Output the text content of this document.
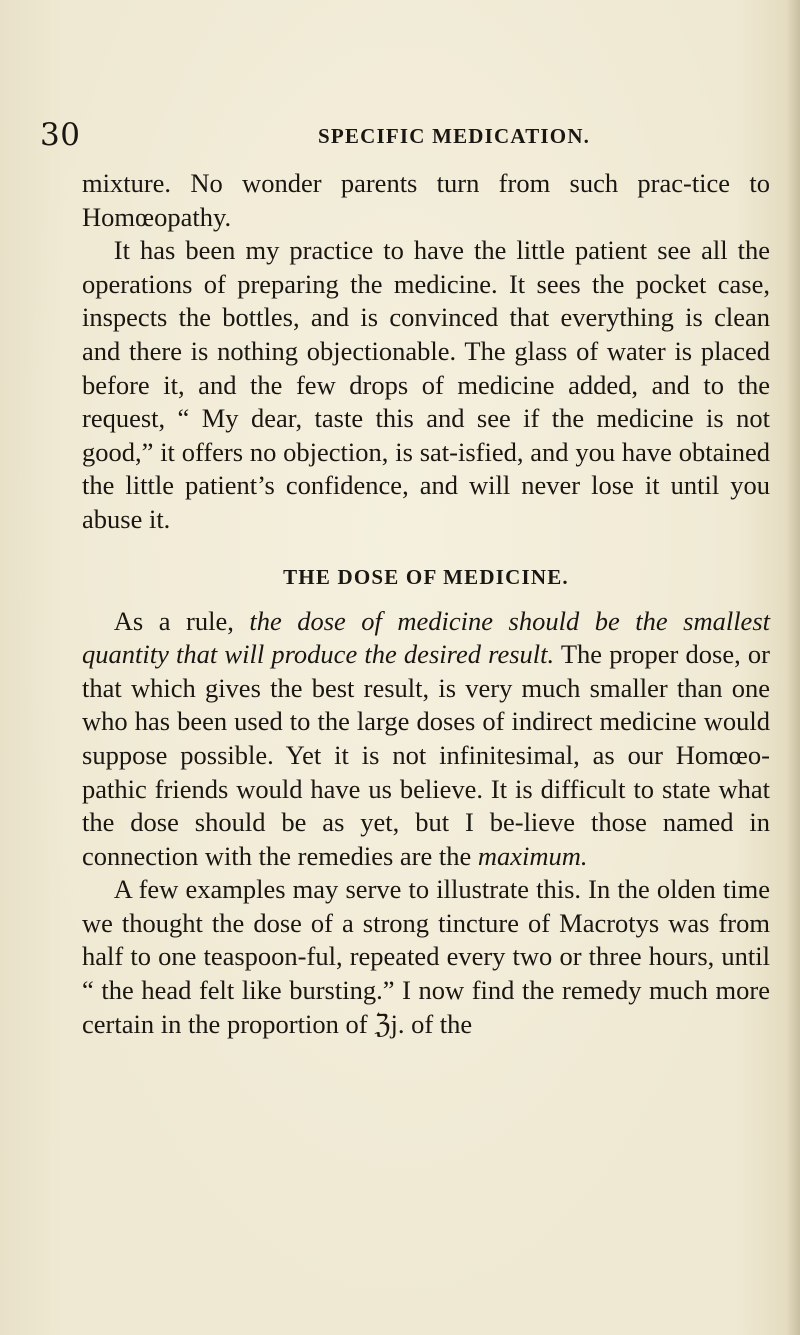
30	SPECIFIC MEDICATION.

mixture. No wonder parents turn from such prac-tice to Homœopathy.

It has been my practice to have the little patient see all the operations of preparing the medicine. It sees the pocket case, inspects the bottles, and is convinced that everything is clean and there is nothing objectionable. The glass of water is placed before it, and the few drops of medicine added, and to the request, “ My dear, taste this and see if the medicine is not good,” it offers no objection, is sat-isfied, and you have obtained the little patient’s confidence, and will never lose it until you abuse it.

THE DOSE OF MEDICINE.

As a rule, the dose of medicine should be the smallest quantity that will produce the desired result. The proper dose, or that which gives the best result, is very much smaller than one who has been used to the large doses of indirect medicine would suppose possible. Yet it is not infinitesimal, as our Homœo-pathic friends would have us believe. It is difficult to state what the dose should be as yet, but I be-lieve those named in connection with the remedies are the maximum.

A few examples may serve to illustrate this. In the olden time we thought the dose of a strong tincture of Macrotys was from half to one teaspoon-ful, repeated every two or three hours, until “ the head felt like bursting.” I now find the remedy much more certain in the proportion of ℨj. of the
